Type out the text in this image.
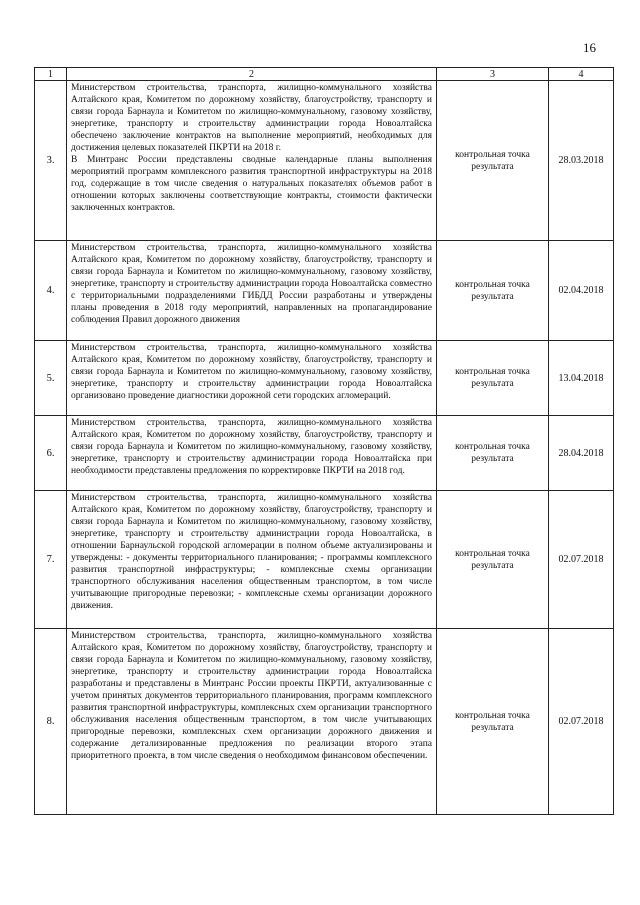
16
1	2	3	4
3.	Министерством строительства, транспорта, жилищно-коммунального хозяйства Алтайского края, Комитетом по дорожному хозяйству, благоустройству, транспорту и связи города Барнаула и Комитетом по жилищно-коммунальному, газовому хозяйству, энергетике, транспорту и строительству администрации города Новоалтайска обеспечено заключение контрактов на выполнение мероприятий, необходимых для достижения целевых показателей ПКРТИ на 2018 г.
В Минтранс России представлены сводные календарные планы выполнения мероприятий программ комплексного развития транспортной инфраструктуры на 2018 год, содержащие в том числе сведения о натуральных показателях объемов работ в отношении которых заключены соответствующие контракты, стоимости фактически заключенных контрактов.	контрольная точка результата	28.03.2018
4.	Министерством строительства, транспорта, жилищно-коммунального хозяйства Алтайского края, Комитетом по дорожному хозяйству, благоустройству, транспорту и связи города Барнаула и Комитетом по жилищно-коммунальному, газовому хозяйству, энергетике, транспорту и строительству администрации города Новоалтайска совместно с территориальными подразделениями ГИБДД России разработаны и утверждены планы проведения в 2018 году мероприятий, направленных на пропагандирование соблюдения Правил дорожного движения	контрольная точка результата	02.04.2018
5.	Министерством строительства, транспорта, жилищно-коммунального хозяйства Алтайского края, Комитетом по дорожному хозяйству, благоустройству, транспорту и связи города Барнаула и Комитетом по жилищно-коммунальному, газовому хозяйству, энергетике, транспорту и строительству администрации города Новоалтайска организовано проведение диагностики дорожной сети городских агломераций.	контрольная точка результата	13.04.2018
6.	Министерством строительства, транспорта, жилищно-коммунального хозяйства Алтайского края, Комитетом по дорожному хозяйству, благоустройству, транспорту и связи города Барнаула и Комитетом по жилищно-коммунальному, газовому хозяйству, энергетике, транспорту и строительству администрации города Новоалтайска при необходимости представлены предложения по корректировке ПКРТИ на 2018 год.	контрольная точка результата	28.04.2018
7.	Министерством строительства, транспорта, жилищно-коммунального хозяйства Алтайского края, Комитетом по дорожному хозяйству, благоустройству, транспорту и связи города Барнаула и Комитетом по жилищно-коммунальному, газовому хозяйству, энергетике, транспорту и строительству администрации города Новоалтайска, в отношении Барнаульской городской агломерации в полном объеме актуализированы и утверждены: - документы территориального планирования; - программы комплексного развития транспортной инфраструктуры; - комплексные схемы организации транспортного обслуживания населения общественным транспортом, в том числе учитывающие пригородные перевозки; - комплексные схемы организации дорожного движения.	контрольная точка результата	02.07.2018
8.	Министерством строительства, транспорта, жилищно-коммунального хозяйства Алтайского края, Комитетом по дорожному хозяйству, благоустройству, транспорту и связи города Барнаула и Комитетом по жилищно-коммунальному, газовому хозяйству, энергетике, транспорту и строительству администрации города Новоалтайска разработаны и представлены в Минтранс России проекты ПКРТИ, актуализованные с учетом принятых документов территориального планирования, программ комплексного развития транспортной инфраструктуры, комплексных схем организации транспортного обслуживания населения общественным транспортом, в том числе учитывающих пригородные перевозки, комплексных схем организации дорожного движения и содержание детализированные предложения по реализации второго этапа приоритетного проекта, в том числе сведения о необходимом финансовом обеспечении.	контрольная точка результата	02.07.2018
